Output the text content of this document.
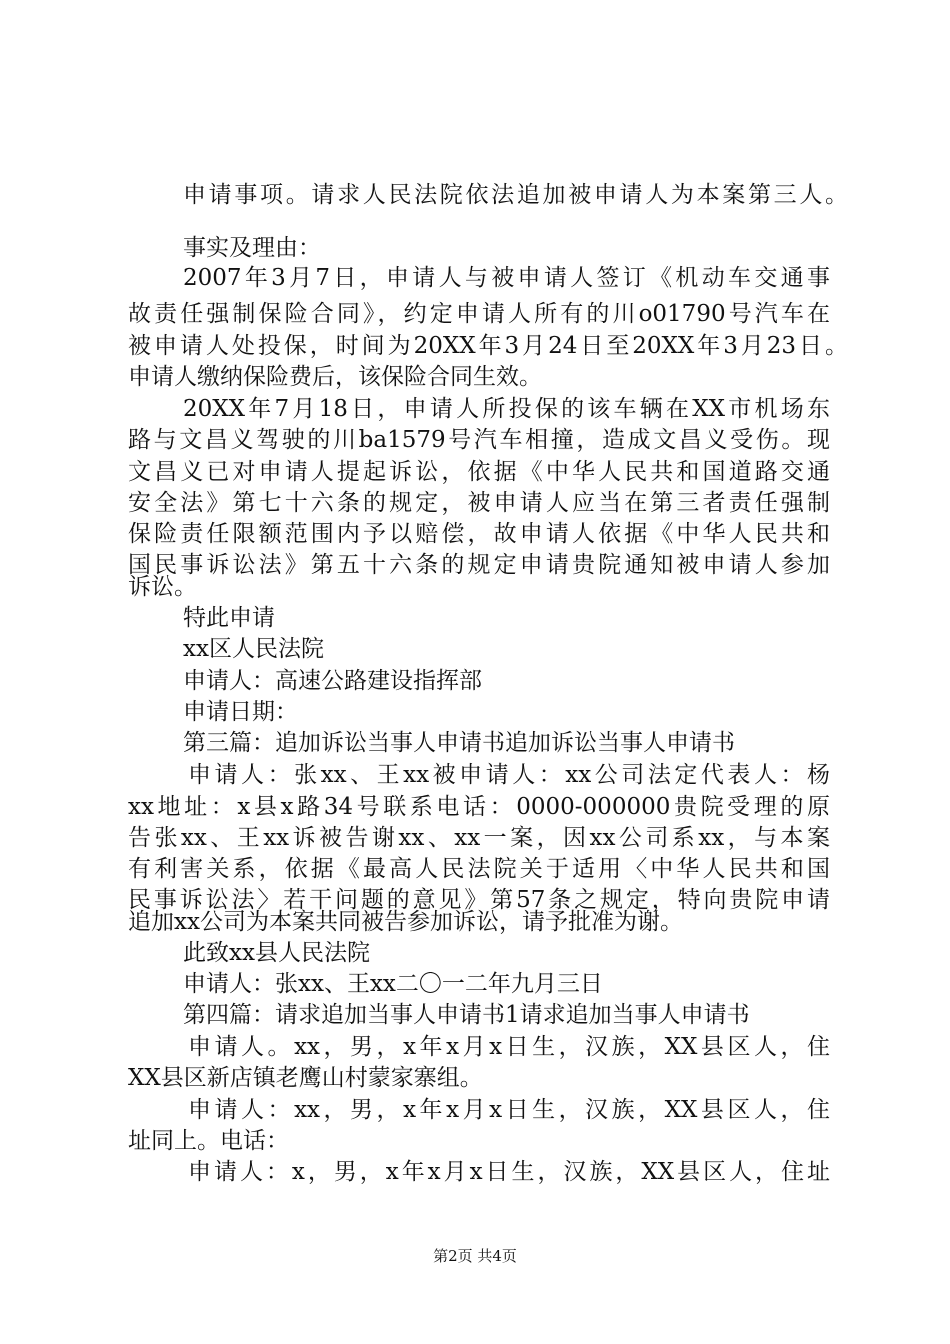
申请事项。请求人民法院依法追加被申请人为本案第三人。
事实及理由：
2007年3月7日，申请人与被申请人签订《机动车交通事
故责任强制保险合同》，约定申请人所有的川o01790号汽车在
被申请人处投保，时间为20XX年3月24日至20XX年3月23日。
申请人缴纳保险费后，该保险合同生效。
20XX年7月18日，申请人所投保的该车辆在XX市机场东
路与文昌义驾驶的川ba1579号汽车相撞，造成文昌义受伤。现
文昌义已对申请人提起诉讼，依据《中华人民共和国道路交通
安全法》第七十六条的规定，被申请人应当在第三者责任强制
保险责任限额范围内予以赔偿，故申请人依据《中华人民共和
国民事诉讼法》第五十六条的规定申请贵院通知被申请人参加
诉讼。
特此申请
xx区人民法院
申请人：高速公路建设指挥部
申请日期：
第三篇：追加诉讼当事人申请书追加诉讼当事人申请书
申请人：张xx、王xx被申请人：xx公司法定代表人：杨
xx地址：x县x路34号联系电话：0000-000000贵院受理的原
告张xx、王xx诉被告谢xx、xx一案，因xx公司系xx，与本案
有利害关系，依据《最高人民法院关于适用〈中华人民共和国
民事诉讼法〉若干问题的意见》第57条之规定，特向贵院申请
追加xx公司为本案共同被告参加诉讼，请予批准为谢。
此致xx县人民法院
申请人：张xx、王xx二〇一二年九月三日
第四篇：请求追加当事人申请书1请求追加当事人申请书
申请人。xx，男，x年x月x日生，汉族，XX县区人，住
XX县区新店镇老鹰山村蒙家寨组。
申请人：xx，男，x年x月x日生，汉族，XX县区人，住
址同上。电话：
申请人：x，男，x年x月x日生，汉族，XX县区人，住址
第2页 共4页
